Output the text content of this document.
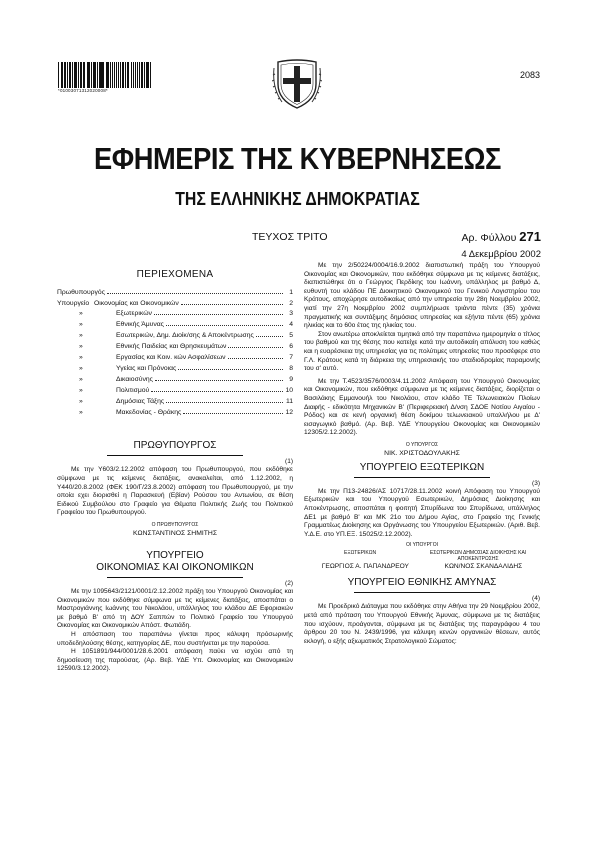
*01003071312020008*
2083
ΕΦΗΜΕΡΙΣ ΤΗΣ ΚΥΒΕΡΝΗΣΕΩΣ
ΤΗΣ ΕΛΛΗΝΙΚΗΣ ΔΗΜΟΚΡΑΤΙΑΣ
ΤΕΥΧΟΣ ΤΡΙΤΟ	Αρ. Φύλλου 271
4 Δεκεμβρίου 2002
ΠΕΡΙΕΧΟΜΕΝΑ
Πρωθυπουργός	1
Υπουργείο Οικονομίας και Οικονομικών	2
»	Εξωτερικών	3
»	Εθνικής Άμυνας	4
»	Εσωτερικών, Δημ. Διοίκ/σης & Αποκέντρωσης	5
»	Εθνικής Παιδείας και Θρησκευμάτων	6
»	Εργασίας και Κοιν. κών Ασφαλίσεων	7
»	Υγείας και Πρόνοιας	8
»	Δικαιοσύνης	9
»	Πολιτισμού	10
»	Δημόσιας Τάξης	11
»	Μακεδονίας - Θράκης	12
ΠΡΩΘΥΠΟΥΡΓΟΣ
(1)

Με την Υ603/2.12.2002 απόφαση του Πρωθυπουργού, που εκδόθηκε σύμφωνα με τις κείμενες διατάξεις, ανακαλείται, από 1.12.2002, η Υ440/20.8.2002 (ΦΕΚ 190/Γ/23.8.2002) απόφαση του Πρωθυπουργού, με την οποία εχει διορισθεί η Παρασκευή (Εβίαν) Ρούσου του Αντωνίου, σε θέση Ειδικού Συμβούλου στο Γραφείο για Θέματα Πολιτικής Ζωής του Πολιτικού Γραφείου του Πρωθυπουργού.

Ο ΠΡΩΘΥΠΟΥΡΓΟΣ
ΚΩΝΣΤΑΝΤΙΝΟΣ ΣΗΜΙΤΗΣ
ΥΠΟΥΡΓΕΙΟ
ΟΙΚΟΝΟΜΙΑΣ ΚΑΙ ΟΙΚΟΝΟΜΙΚΩΝ
(2)

Με την 1095643/2121/0001/2.12.2002 πράξη του Υπουργού Οικονομίας και Οικονομικών που εκδόθηκε σύμφωνα με τις κείμενες διατάξεις, αποσπάται ο Μαστρογιάννης Ιωάννης του Νικολάου, υπάλληλος του κλάδου ΔΕ Εφοριακών με βαθμό Β' από τη ΔΟΥ Σαππών το Πολιτικό Γραφείο του Υπουργού Οικονομίας και Οικονομικών Απόστ. Φωτιάδη.

Η απόσπαση του παραπάνω γίνεται προς κάλυψη πρόσωρινής υποδεδηλούσης θέσης, κατηγορίας ΔΕ, που συστήνεται με την παρούσα.

Η 1051891/944/0001/28.6.2001 απόφαση παύει να ισχύει από τη δημοσίευση της παρούσας. (Αρ. Βεβ. ΥΔΕ Υπ. Οικονομίας και Οικονομικών 12590/3.12.2002).

Με την 2/50224/0004/16.9.2002 διαπιστωτική πράξη του Υπουργού Οικονομίας και Οικονομικών, που εκδόθηκε σύμφωνα με τις κείμενες διατάξεις, διαπιστώθηκε ότι ο Γεώργιος Περδίκης του Ιωάννη, υπάλληλος με βαθμό Δ, ευθυντή του κλάδου ΠΕ Διοικητικού Οικονομικού του Γενικού Λογιστηρίου του Κράτους, αποχώρησε αυτοδικαίως από την υπηρεσία την 28η Νοεμβρίου 2002, γιατί την 27η Νοεμβρίου 2002 συμπλήρωσε τριάντα πέντε (35) χρόνια πραγματικής και συντάξιμης δημόσιας υπηρεσίας και εξήντα πέντε (65) χρόνια ηλικίας και το 60ο έτος της ηλικίας του.

Στον ανωτέρω αποκλείεται τιμητικά από την παραπάνω ημερομηνία ο τίτλος του βαθμού και της θέσης που κατείχε κατά την αυτοδικαίη απόλυση του καθώς και η ευαρέσκεια της υπηρεσίας για τις πολύτιμες υπηρεσίες που προσέφερε στο Γ.Λ. Κράτους κατά τη διάρκεια της υπηρεσιακής του σταδιοδρομίας παραμονής του σ' αυτό.

Με την Τ.4523/3576/0003/4.11.2002 Απόφαση του Υπουργού Οικονομίας και Οικονομικών, που εκδόθηκε σύμφωνα με τις κείμενες διατάξεις, διορίζεται ο Βασιλάκης Εμμανουήλ του Νικολάου, στον κλάδο ΤΕ Τελωνειακών Πλοίων Διαφής - εδικότητα Μηχανικών Β' (Περιφερειακή Δ/νση ΣΔΟΕ Νοτίου Αιγαίου - Ρόδος) και σε κενή οργανική θέση δοκίμου τελωνειακού υπαλλήλου με Δ' εισαγωγικό βαθμό. (Αρ. Βεβ. ΥΔΕ Υπουργείου Οικονομίας και Οικονομικών 12305/2.12.2002).

Ο ΥΠΟΥΡΓΟΣ
ΝΙΚ. ΧΡΙΣΤΟΔΟΥΛΑΚΗΣ
ΥΠΟΥΡΓΕΙΟ ΕΞΩΤΕΡΙΚΩΝ
(3)

Με την Π13-24826/ΑΣ 10717/28.11.2002 κοινή Απόφαση του Υπουργού Εξωτερικών και του Υπουργού Εσωτερικών, Δημόσιας Διοίκησης και Αποκέντρωσης, αποσπάται η φοιτητή Σπυρίδωνα του Σπυρίδωνα, υπάλληλος ΔΕ1 με βαθμό Β' και ΜΚ 21ο του Δήμου Αγίας, στο Γραφείο της Γενικής Γραμματέως Διοίκησης και Οργάνωσης του Υπουργείου Εξωτερικών. (Αριθ. Βεβ. Υ.Δ.Ε. στο ΥΠ.ΕΞ. 15025/2.12.2002).

ΟΙ ΥΠΟΥΡΓΟΙ
ΕΞΩΤΕΡΙΚΩΝ	ΕΣΩΤΕΡΙΚΩΝ ΔΗΜΟΣΙΑΣ ΔΙΟΙΚΗΣΗΣ ΚΑΙ ΑΠΟΚΕΝΤΡΩΣΗΣ
ΓΕΩΡΓΙΟΣ Α. ΠΑΠΑΝΔΡΕΟΥ	ΚΩΝ/ΝΟΣ ΣΚΑΝΔΑΛΙΔΗΣ
ΥΠΟΥΡΓΕΙΟ ΕΘΝΙΚΗΣ ΑΜΥΝΑΣ
(4)

Με Προεδρικό Διάταγμα που εκδόθηκε στην Αθήνα την 29 Νοεμβρίου 2002, μετά από πρόταση του Υπουργού Εθνικής Άμυνας, σύμφωνα με τις διατάξεις που ισχύουν, προάγονται, σύμφωνα με τις διατάξεις της παραγράφου 4 του άρθρου 20 του Ν. 2439/1996, για κάλυψη κενών οργανικών θέσεων, αυτός εκλογή, ο εξής αξιωματικός Στρατολογικού Σώματος:
